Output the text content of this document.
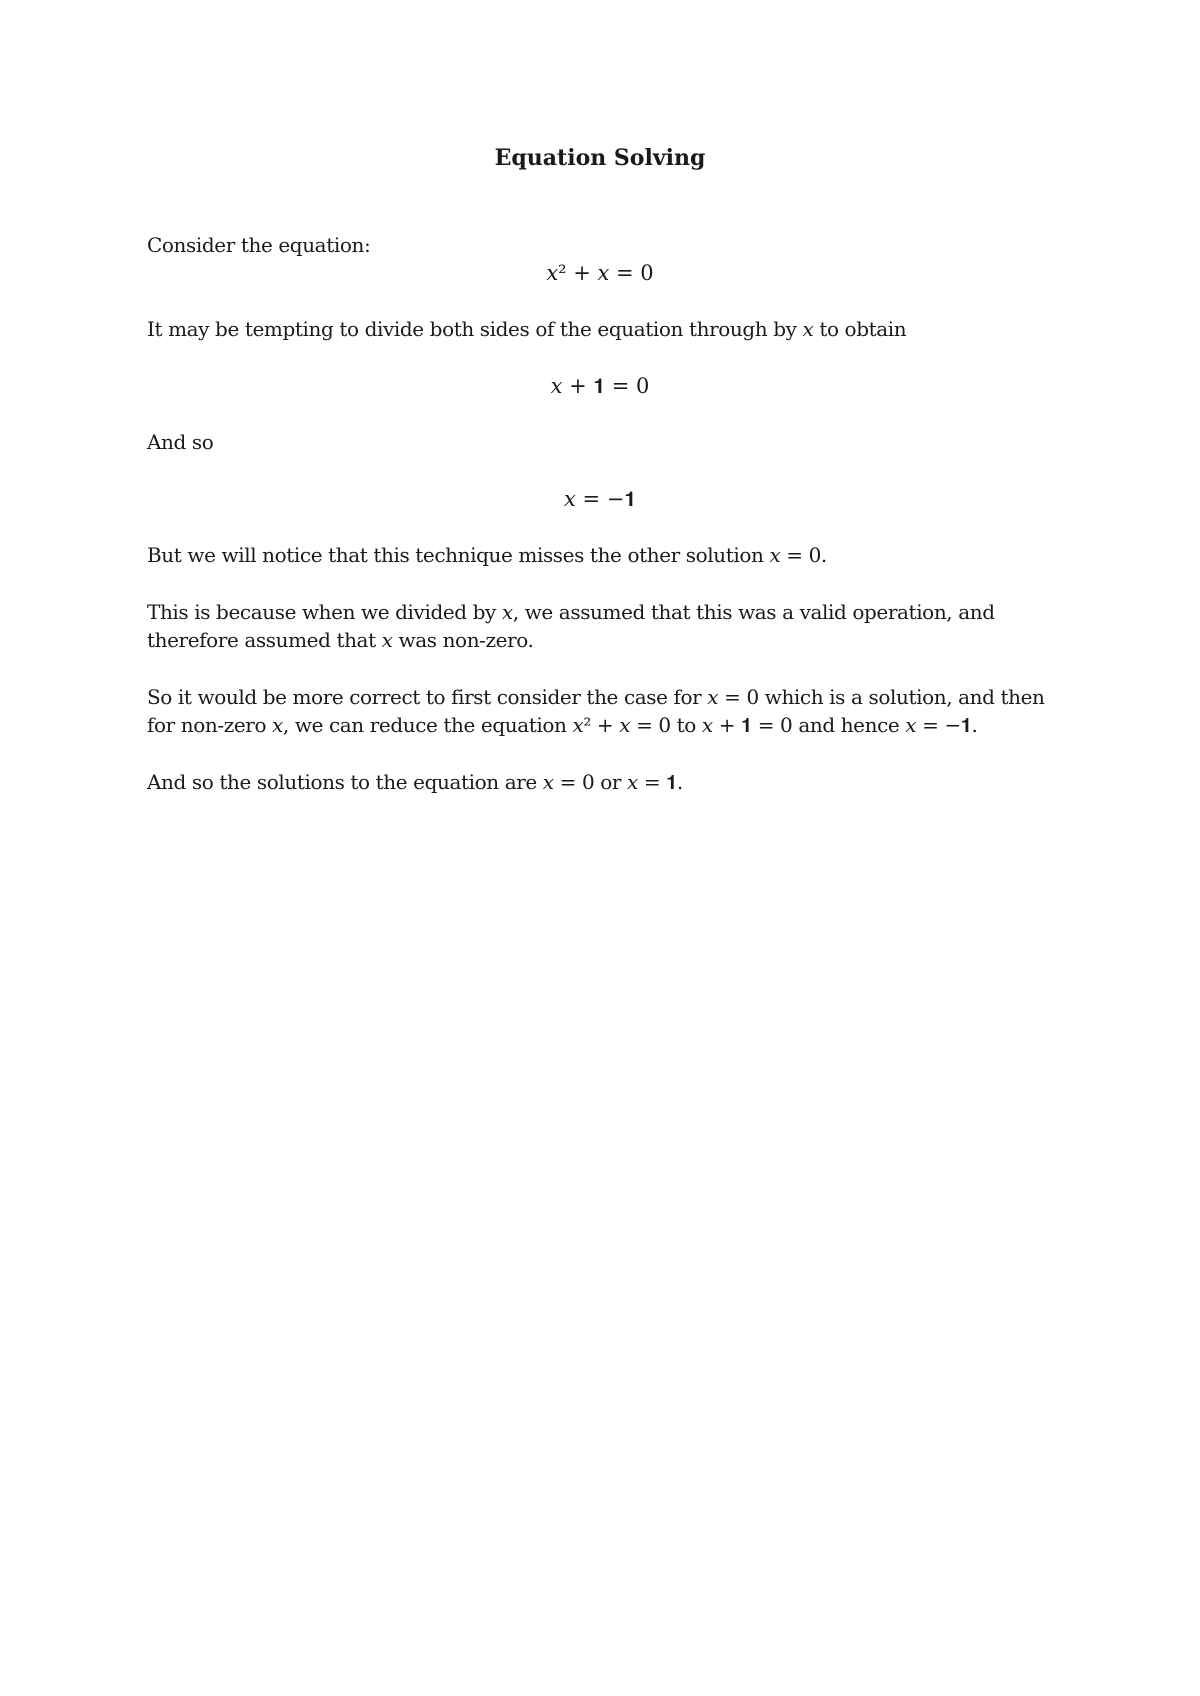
Equation Solving

Consider the equation:

𝑥² + 𝑥 = 0

It may be tempting to divide both sides of the equation through by 𝑥 to obtain

𝑥 + 𝟏 = 0

And so

𝑥 = −𝟏

But we will notice that this technique misses the other solution 𝑥 = 0.

This is because when we divided by 𝑥, we assumed that this was a valid operation, and

therefore assumed that 𝑥 was non-zero.

So it would be more correct to first consider the case for 𝑥 = 0 which is a solution, and then

for non-zero 𝑥, we can reduce the equation 𝑥² + 𝑥 = 0 to 𝑥 + 𝟏 = 0 and hence 𝑥 = −𝟏.

And so the solutions to the equation are 𝑥 = 0 or 𝑥 = 𝟏.
